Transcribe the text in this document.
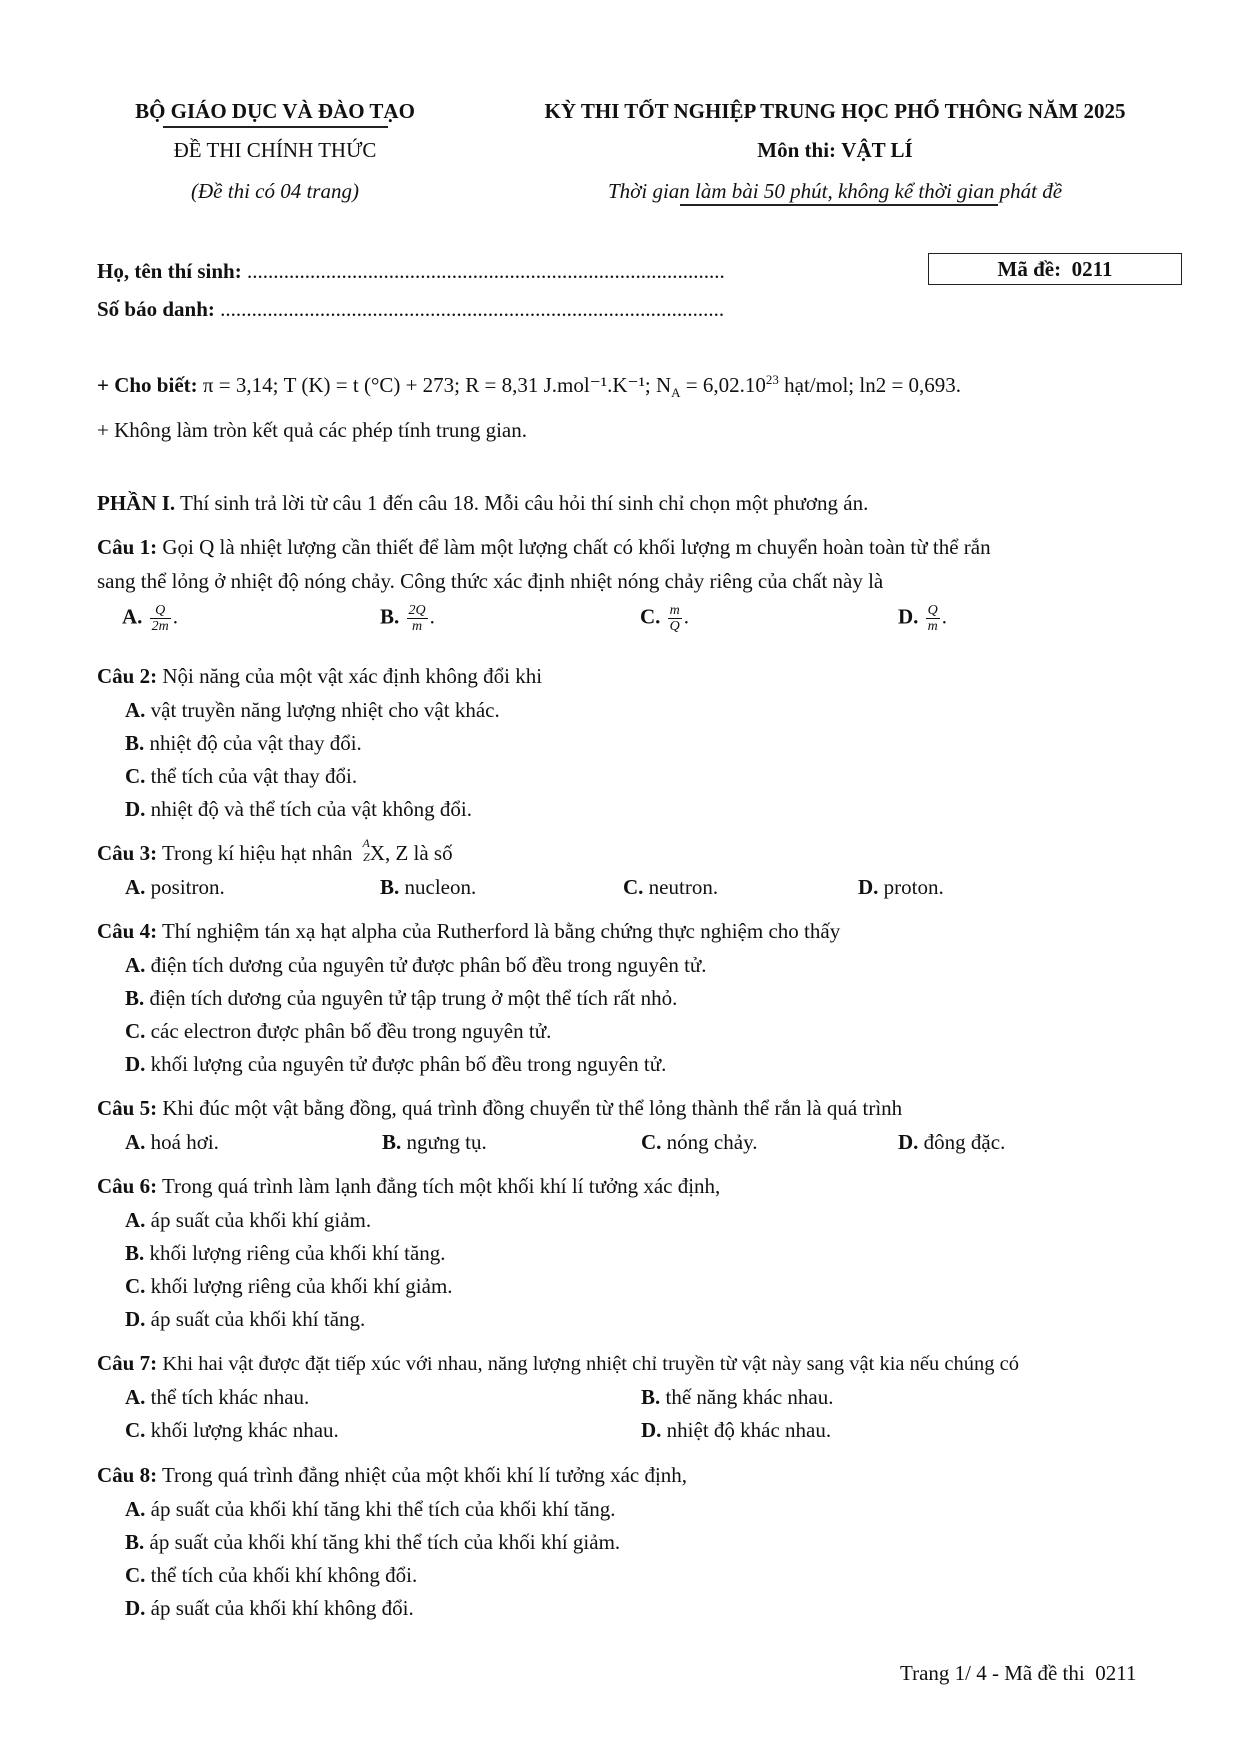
BỘ GIÁO DỤC VÀ ĐÀO TẠO
ĐỀ THI CHÍNH THỨC
(Đề thi có 04 trang)
KỲ THI TỐT NGHIỆP TRUNG HỌC PHỔ THÔNG NĂM 2025
Môn thi: VẬT LÍ
Thời gian làm bài 50 phút, không kể thời gian phát đề
Họ, tên thí sinh: ...........................................................................................
Số báo danh: ................................................................................................
Mã đề: 0211
+ Cho biết: π = 3,14; T (K) = t (°C) + 273; R = 8,31 J.mol⁻¹.K⁻¹; $N_A = 6,02.10^{23}$ hạt/mol; ln2 = 0,693.
+ Không làm tròn kết quả các phép tính trung gian.
PHẦN I. Thí sinh trả lời từ câu 1 đến câu 18. Mỗi câu hỏi thí sinh chỉ chọn một phương án.
Câu 1: Gọi Q là nhiệt lượng cần thiết để làm một lượng chất có khối lượng m chuyển hoàn toàn từ thể rắn
sang thể lỏng ở nhiệt độ nóng chảy. Công thức xác định nhiệt nóng chảy riêng của chất này là
A. $\frac{Q}{2m}$ .	B. $\frac{2Q}{m}$ .	C. $\frac{m}{Q}$ .	D. $\frac{Q}{m}$ .
Câu 2: Nội năng của một vật xác định không đổi khi
A. vật truyền năng lượng nhiệt cho vật khác.
B. nhiệt độ của vật thay đổi.
C. thể tích của vật thay đổi.
D. nhiệt độ và thể tích của vật không đổi.
Câu 3: Trong kí hiệu hạt nhân A
Z X, Z là số
A. positron.	B. nucleon.	C. neutron.	D. proton.
Câu 4: Thí nghiệm tán xạ hạt alpha của Rutherford là bằng chứng thực nghiệm cho thấy
A. điện tích dương của nguyên tử được phân bố đều trong nguyên tử.
B. điện tích dương của nguyên tử tập trung ở một thể tích rất nhỏ.
C. các electron được phân bố đều trong nguyên tử.
D. khối lượng của nguyên tử được phân bố đều trong nguyên tử.
Câu 5: Khi đúc một vật bằng đồng, quá trình đồng chuyển từ thể lỏng thành thể rắn là quá trình
A. hoá hơi.	B. ngưng tụ.	C. nóng chảy.	D. đông đặc.
Câu 6: Trong quá trình làm lạnh đẳng tích một khối khí lí tưởng xác định,
A. áp suất của khối khí giảm.
B. khối lượng riêng của khối khí tăng.
C. khối lượng riêng của khối khí giảm.
D. áp suất của khối khí tăng.
Câu 7: Khi hai vật được đặt tiếp xúc với nhau, năng lượng nhiệt chỉ truyền từ vật này sang vật kia nếu chúng có
A. thể tích khác nhau.	B. thế năng khác nhau.
C. khối lượng khác nhau.	D. nhiệt độ khác nhau.
Câu 8: Trong quá trình đẳng nhiệt của một khối khí lí tưởng xác định,
A. áp suất của khối khí tăng khi thể tích của khối khí tăng.
B. áp suất của khối khí tăng khi thể tích của khối khí giảm.
C. thể tích của khối khí không đổi.
D. áp suất của khối khí không đổi.
Trang 1/ 4 - Mã đề thi 0211
